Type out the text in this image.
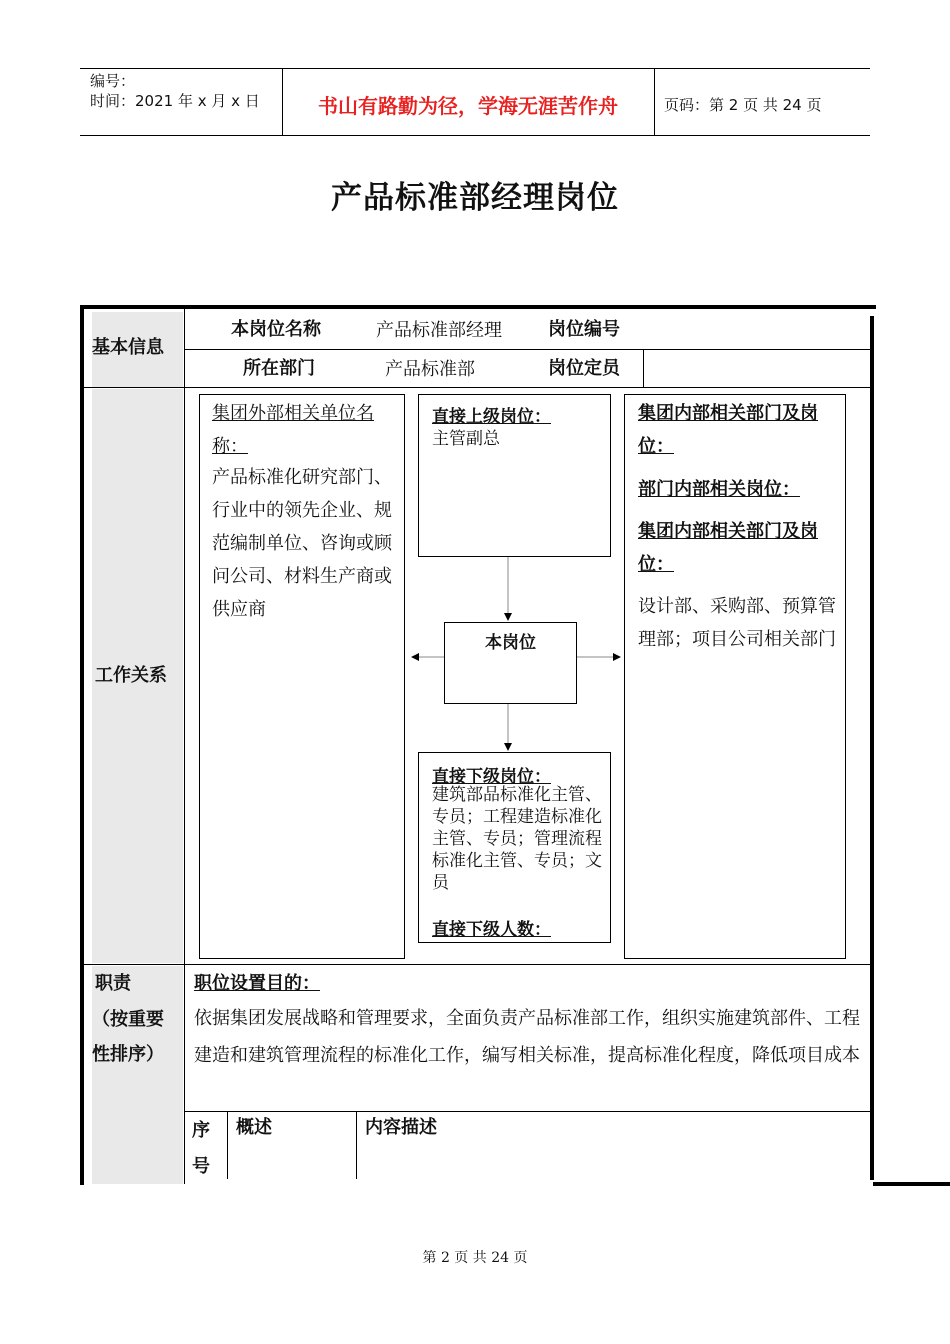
编号：
时间：2021 年 x 月 x 日	书山有路勤为径，学海无涯苦作舟	页码：第 2 页 共 24 页
产品标准部经理岗位
基本信息
本岗位名称	产品标准部经理	岗位编号
所在部门	产品标准部	岗位定员
工作关系
集团外部相关单位名称：
产品标准化研究部门、行业中的领先企业、规范编制单位、咨询或顾问公司、材料生产商或供应商
直接上级岗位：
主管副总
本岗位
直接下级岗位：
建筑部品标准化主管、专员；工程建造标准化主管、专员；管理流程标准化主管、专员；文员
直接下级人数：
集团内部相关部门及岗位：
部门内部相关岗位：
集团内部相关部门及岗位：
设计部、采购部、预算管理部；项目公司相关部门
职责
（按重要
性排序）
职位设置目的：
依据集团发展战略和管理要求，全面负责产品标准部工作，组织实施建筑部件、工程建造和建筑管理流程的标准化工作，编写相关标准，提高标准化程度，降低项目成本
序
号
概述	内容描述
第 2 页 共 24 页
